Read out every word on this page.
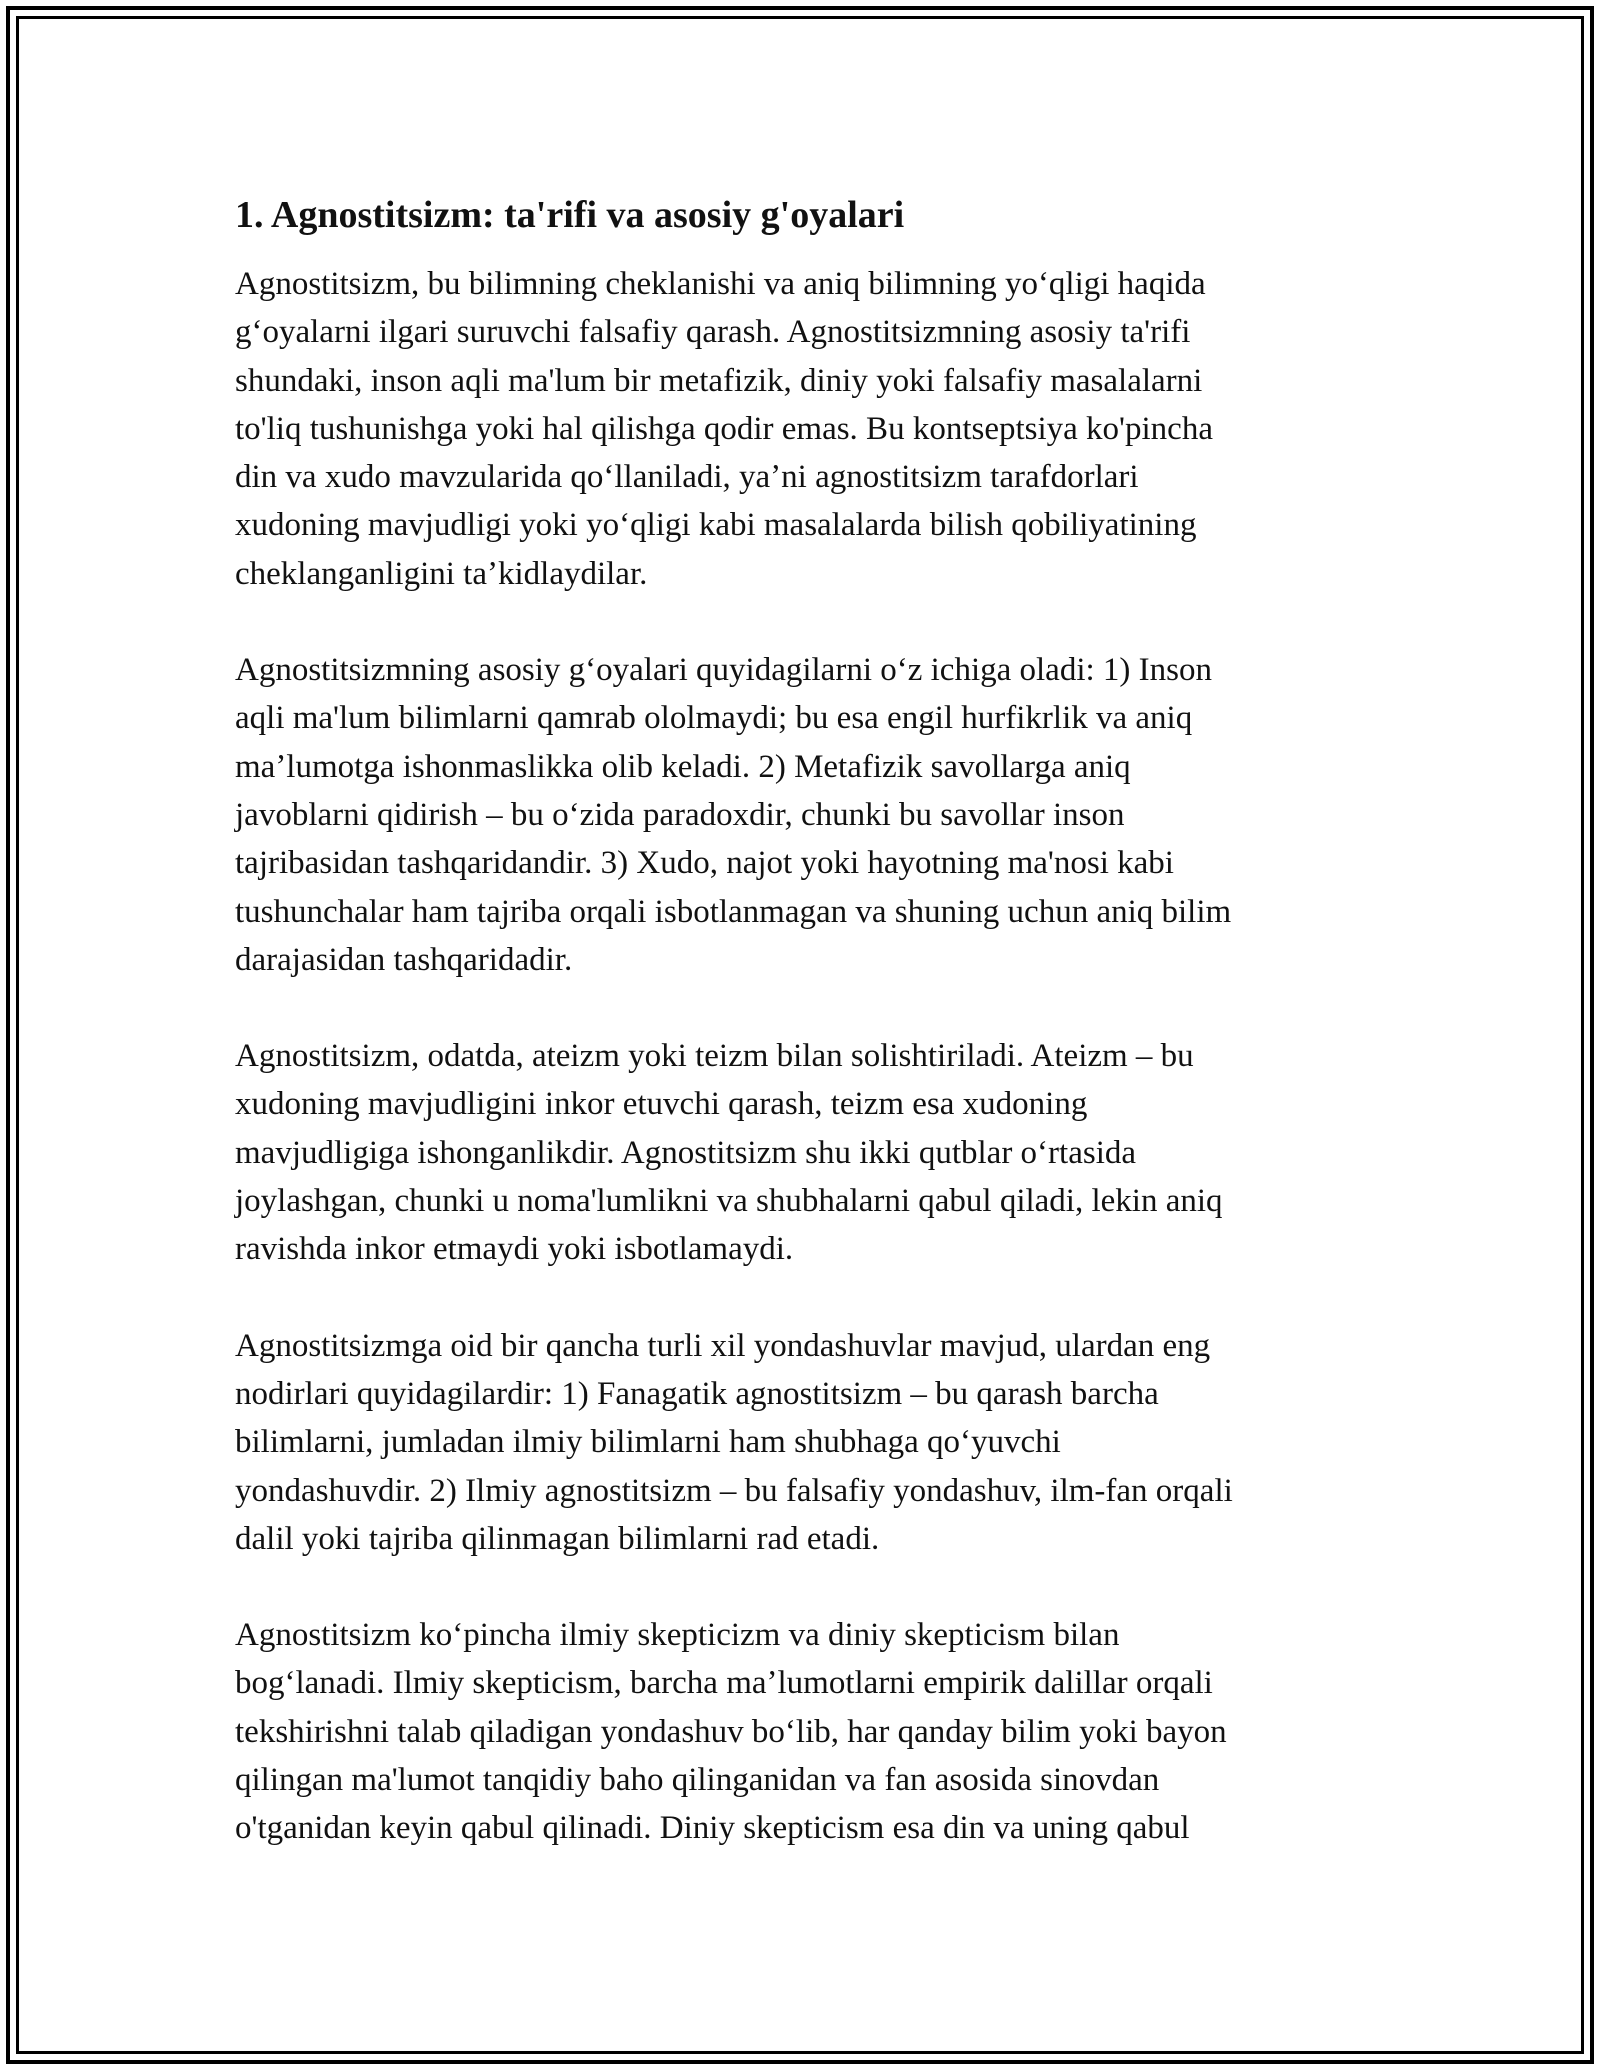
1. Agnostitsizm: ta'rifi va asosiy g'oyalari
Agnostitsizm, bu bilimning cheklanishi va aniq bilimning yoʻqligi haqida
gʻoyalarni ilgari suruvchi falsafiy qarash. Agnostitsizmning asosiy ta'rifi
shundaki, inson aqli ma'lum bir metafizik, diniy yoki falsafiy masalalarni
to'liq tushunishga yoki hal qilishga qodir emas. Bu kontseptsiya ko'pincha
din va xudo mavzularida qoʻllaniladi, yaʼni agnostitsizm tarafdorlari
xudoning mavjudligi yoki yoʻqligi kabi masalalarda bilish qobiliyatining
cheklanganligini taʼkidlaydilar.
Agnostitsizmning asosiy gʻoyalari quyidagilarni oʻz ichiga oladi: 1) Inson
aqli ma'lum bilimlarni qamrab ololmaydi; bu esa engil hurfikrlik va aniq
maʼlumotga ishonmaslikka olib keladi. 2) Metafizik savollarga aniq
javoblarni qidirish – bu oʻzida paradoxdir, chunki bu savollar inson
tajribasidan tashqaridandir. 3) Xudo, najot yoki hayotning ma'nosi kabi
tushunchalar ham tajriba orqali isbotlanmagan va shuning uchun aniq bilim
darajasidan tashqaridadir.
Agnostitsizm, odatda, ateizm yoki teizm bilan solishtiriladi. Ateizm – bu
xudoning mavjudligini inkor etuvchi qarash, teizm esa xudoning
mavjudligiga ishonganlikdir. Agnostitsizm shu ikki qutblar oʻrtasida
joylashgan, chunki u noma'lumlikni va shubhalarni qabul qiladi, lekin aniq
ravishda inkor etmaydi yoki isbotlamaydi.
Agnostitsizmga oid bir qancha turli xil yondashuvlar mavjud, ulardan eng
nodirlari quyidagilardir: 1) Fanagatik agnostitsizm – bu qarash barcha
bilimlarni, jumladan ilmiy bilimlarni ham shubhaga qoʻyuvchi
yondashuvdir. 2) Ilmiy agnostitsizm – bu falsafiy yondashuv, ilm-fan orqali
dalil yoki tajriba qilinmagan bilimlarni rad etadi.
Agnostitsizm koʻpincha ilmiy skepticizm va diniy skepticism bilan
bogʻlanadi. Ilmiy skepticism, barcha maʼlumotlarni empirik dalillar orqali
tekshirishni talab qiladigan yondashuv boʻlib, har qanday bilim yoki bayon
qilingan ma'lumot tanqidiy baho qilinganidan va fan asosida sinovdan
o'tganidan keyin qabul qilinadi. Diniy skepticism esa din va uning qabul
